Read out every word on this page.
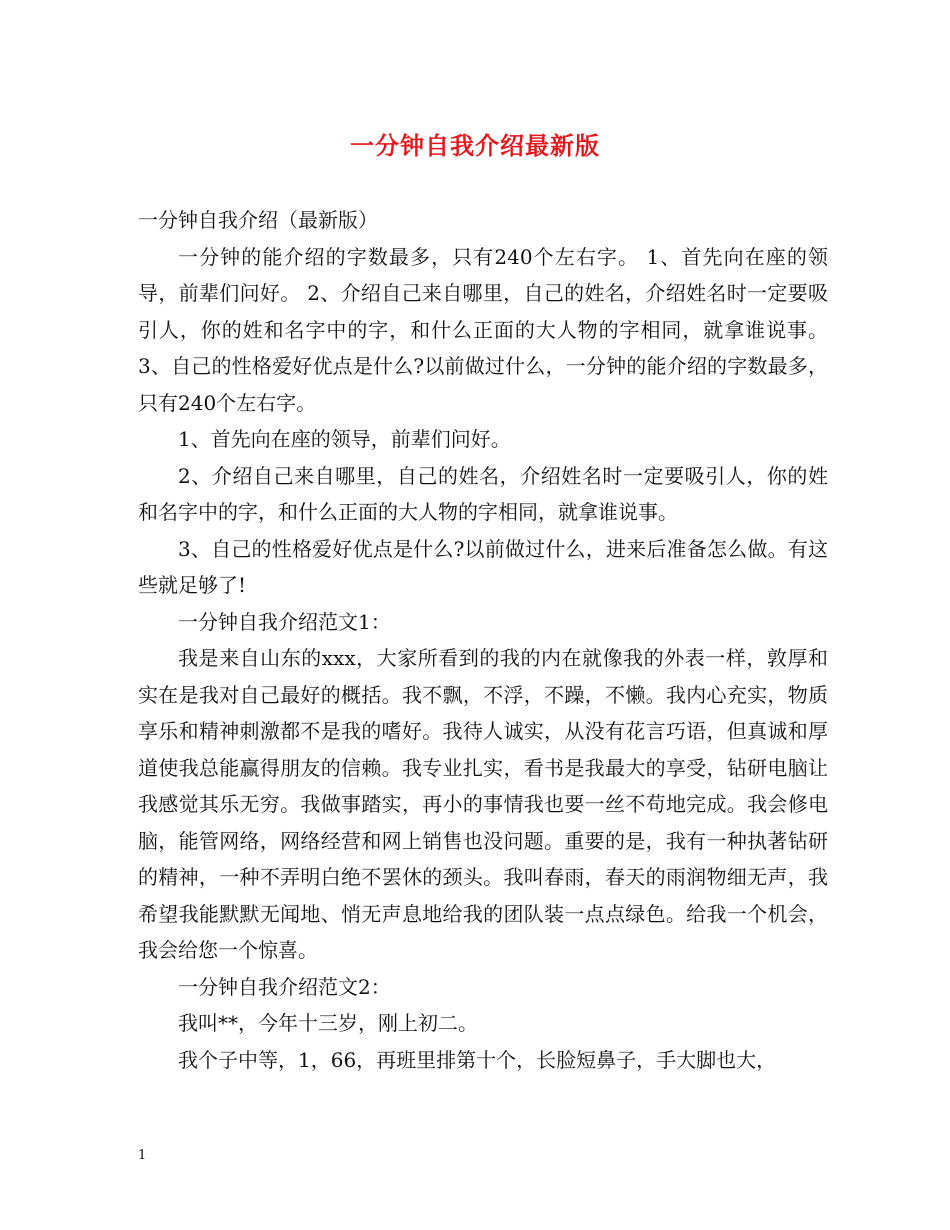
一分钟自我介绍最新版

一分钟自我介绍（最新版）

一分钟的能介绍的字数最多，只有240个左右字。 1、首先向在座的领导，前辈们问好。 2、介绍自己来自哪里，自己的姓名，介绍姓名时一定要吸引人，你的姓和名字中的字，和什么正面的大人物的字相同，就拿谁说事。 3、自己的性格爱好优点是什么?以前做过什么，一分钟的能介绍的字数最多，只有240个左右字。

1、首先向在座的领导，前辈们问好。

2、介绍自己来自哪里，自己的姓名，介绍姓名时一定要吸引人，你的姓和名字中的字，和什么正面的大人物的字相同，就拿谁说事。

3、自己的性格爱好优点是什么?以前做过什么，进来后准备怎么做。有这些就足够了!

一分钟自我介绍范文1：

我是来自山东的xxx，大家所看到的我的内在就像我的外表一样，敦厚和实在是我对自己最好的概括。我不飘，不浮，不躁，不懒。我内心充实，物质享乐和精神刺激都不是我的嗜好。我待人诚实，从没有花言巧语，但真诚和厚道使我总能赢得朋友的信赖。我专业扎实，看书是我最大的享受，钻研电脑让我感觉其乐无穷。我做事踏实，再小的事情我也要一丝不苟地完成。我会修电脑，能管网络，网络经营和网上销售也没问题。重要的是，我有一种执著钻研的精神，一种不弄明白绝不罢休的颈头。我叫春雨，春天的雨润物细无声，我希望我能默默无闻地、悄无声息地给我的团队装一点点绿色。给我一个机会，我会给您一个惊喜。

一分钟自我介绍范文2：

我叫**，今年十三岁，刚上初二。

我个子中等，1，66，再班里排第十个，长脸短鼻子，手大脚也大，

1
